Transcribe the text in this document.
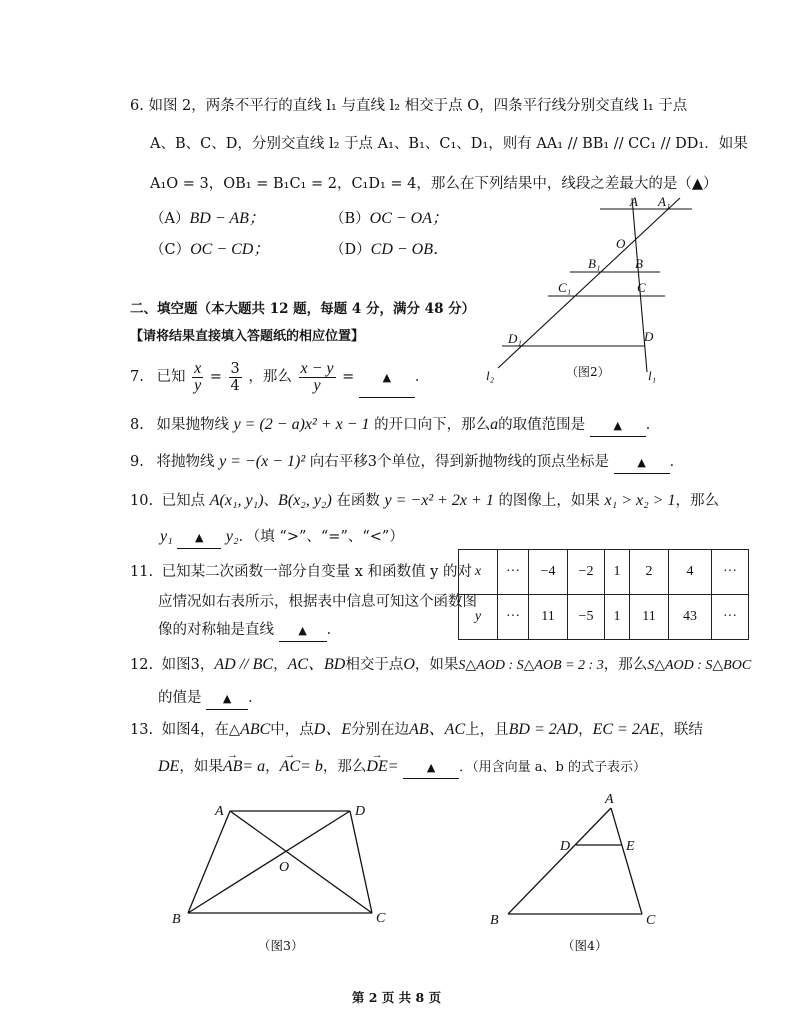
6. 如图 2，两条不平行的直线 l₁ 与直线 l₂ 相交于点 O，四条平行线分别交直线 l₁ 于点
A、B、C、D，分别交直线 l₂ 于点 A₁、B₁、C₁、D₁，则有 AA₁ // BB₁ // CC₁ // DD₁．如果
A₁O = 3，OB₁ = B₁C₁ = 2，C₁D₁ = 4，那么在下列结果中，线段之差最大的是（▲）
（A）BD − AB；	（B）OC − OA；
（C）OC − CD；	（D）CD − OB．
A A₁
O
B₁	B
C₁	C
D₁	D
l₂	l₁
（图2）
二、填空题（本大题共 12 题，每题 4 分，满分 48 分）
【请将结果直接填入答题纸的相应位置】
7. 已知 $\frac{x}{y} = \frac{3}{4}$ ，那么 $\frac{x - y}{y}$ =	▲ ．
8. 如果抛物线 y = (2 − a)x² + x − 1 的开口向下，那么a的取值范围是	▲ ．
9. 将抛物线 y = −(x − 1)² 向右平移3个单位，得到新抛物线的顶点坐标是	▲ ．
10. 已知点 A(x₁, y₁)、B(x₂, y₂) 在函数 y = −x² + 2x + 1 的图像上，如果 x₁ > x₂ > 1，那么
y₁ ▲ y₂．（填 “>”、“=”、“<”）
11. 已知某二次函数一部分自变量 x 和函数值 y 的对
应情况如右表所示，根据表中信息可知这个函数图
像的对称轴是直线 ▲ ．
x	···	−4	−2	1	2	4	···
y	···	11	−5	1	11	43	···
12. 如图3，AD // BC，AC、BD相交于点O，如果S△AOD : S△AOB = 2 : 3，那么S△AOD : S△BOC
的值是 ▲ ．
13. 如图4，在△ABC中，点D、E分别在边AB、AC上，且BD = 2AD，EC = 2AE，联结
DE，如果→ AB= a，→ AC= b，那么→ DE=	▲ ．（用含向量 a、b 的式子表示）
A	D
O
B	C
（图3）
A
D	E
B	C
（图4）
第 2 页 共 8 页
